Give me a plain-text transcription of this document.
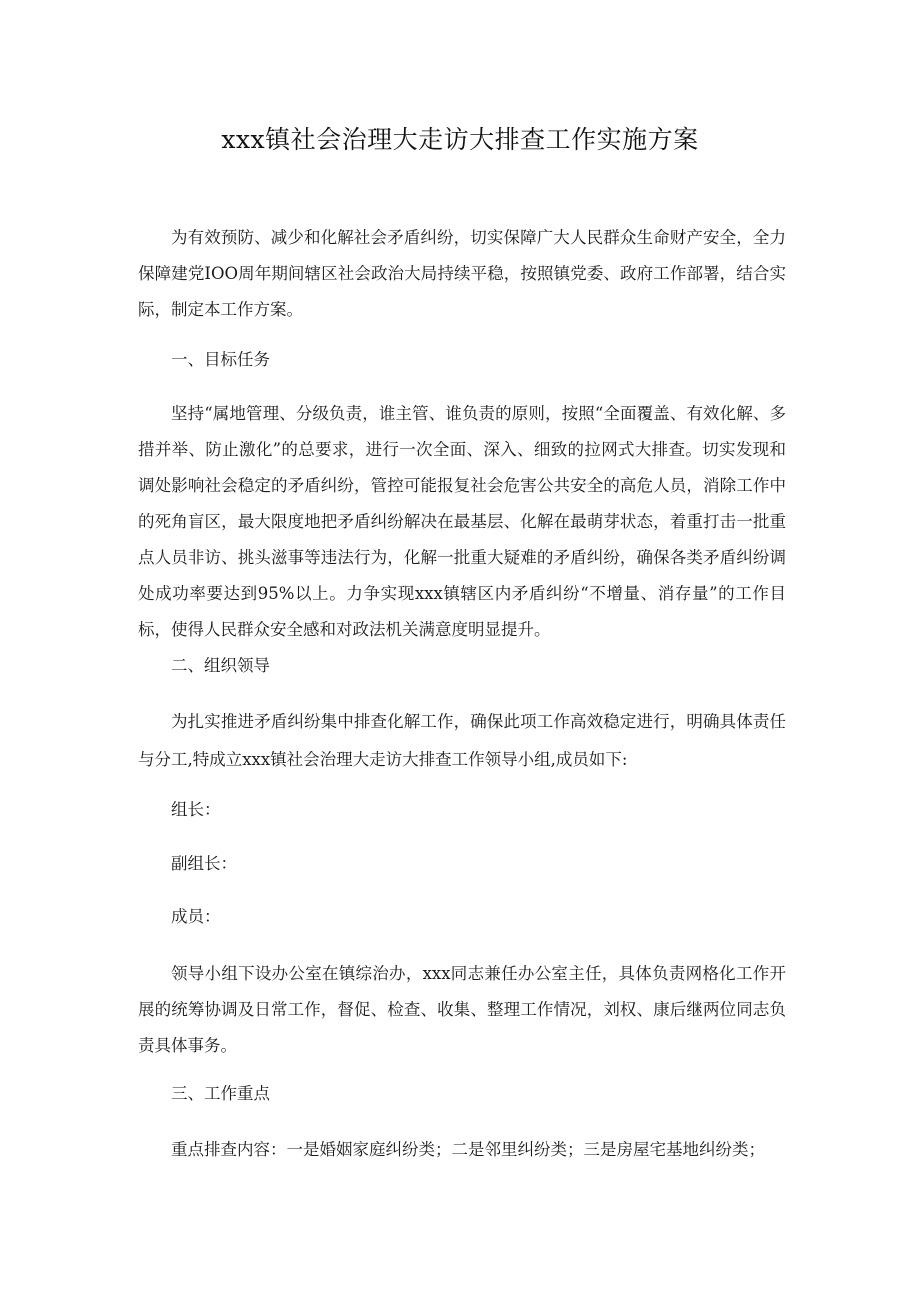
xxx镇社会治理大走访大排查工作实施方案
为有效预防、减少和化解社会矛盾纠纷，切实保障广大人民群众生命财产安全，全力保障建党IOO周年期间辖区社会政治大局持续平稳，按照镇党委、政府工作部署，结合实际，制定本工作方案。
一、目标任务
坚持“属地管理、分级负责，谁主管、谁负责的原则，按照“全面覆盖、有效化解、多措并举、防止激化”的总要求，进行一次全面、深入、细致的拉网式大排查。切实发现和调处影响社会稳定的矛盾纠纷，管控可能报复社会危害公共安全的高危人员，消除工作中的死角盲区，最大限度地把矛盾纠纷解决在最基层、化解在最萌芽状态，着重打击一批重点人员非访、挑头滋事等违法行为，化解一批重大疑难的矛盾纠纷，确保各类矛盾纠纷调处成功率要达到95%以上。力争实现xxx镇辖区内矛盾纠纷“不增量、消存量”的工作目标，使得人民群众安全感和对政法机关满意度明显提升。
二、组织领导
为扎实推进矛盾纠纷集中排查化解工作，确保此项工作高效稳定进行，明确具体责任与分工,特成立xxx镇社会治理大走访大排查工作领导小组,成员如下:
组长：
副组长：
成员：
领导小组下设办公室在镇综治办，xxx同志兼任办公室主任，具体负责网格化工作开展的统筹协调及日常工作，督促、检查、收集、整理工作情况，刘权、康后继两位同志负责具体事务。
三、工作重点
重点排查内容：一是婚姻家庭纠纷类；二是邻里纠纷类；三是房屋宅基地纠纷类；
